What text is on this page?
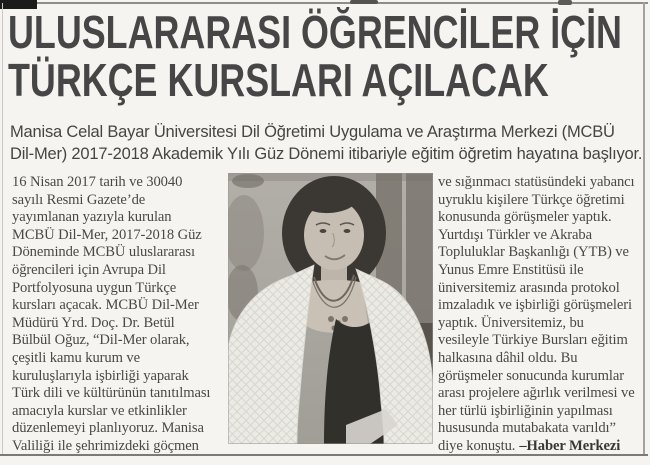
ULUSLARARASI ÖĞRENCİLER İÇİN
TÜRKÇE KURSLARI AÇILACAK
Manisa Celal Bayar Üniversitesi Dil Öğretimi Uygulama ve Araştırma Merkezi (MCBÜ
Dil-Mer) 2017-2018 Akademik Yılı Güz Dönemi itibariyle eğitim öğretim hayatına başlıyor.
16 Nisan 2017 tarih ve 30040
sayılı Resmi Gazete’de
yayımlanan yazıyla kurulan
MCBÜ Dil-Mer, 2017-2018 Güz
Döneminde MCBÜ uluslararası
öğrencileri için Avrupa Dil
Portfolyosuna uygun Türkçe
kursları açacak. MCBÜ Dil-Mer
Müdürü Yrd. Doç. Dr. Betül
Bülbül Oğuz, “Dil-Mer olarak,
çeşitli kamu kurum ve
kuruluşlarıyla işbirliği yaparak
Türk dili ve kültürünün tanıtılması
amacıyla kurslar ve etkinlikler
düzenlemeyi planlıyoruz. Manisa
Valiliği ile şehrimizdeki göçmen
ve sığınmacı statüsündeki yabancı
uyruklu kişilere Türkçe öğretimi
konusunda görüşmeler yaptık.
Yurtdışı Türkler ve Akraba
Topluluklar Başkanlığı (YTB) ve
Yunus Emre Enstitüsü ile
üniversitemiz arasında protokol
imzaladık ve işbirliği görüşmeleri
yaptık. Üniversitemiz, bu
vesileyle Türkiye Bursları eğitim
halkasına dâhil oldu. Bu
görüşmeler sonucunda kurumlar
arası projelere ağırlık verilmesi ve
her türlü işbirliğinin yapılması
hususunda mutabakata varıldı”
diye konuştu. –Haber Merkezi
